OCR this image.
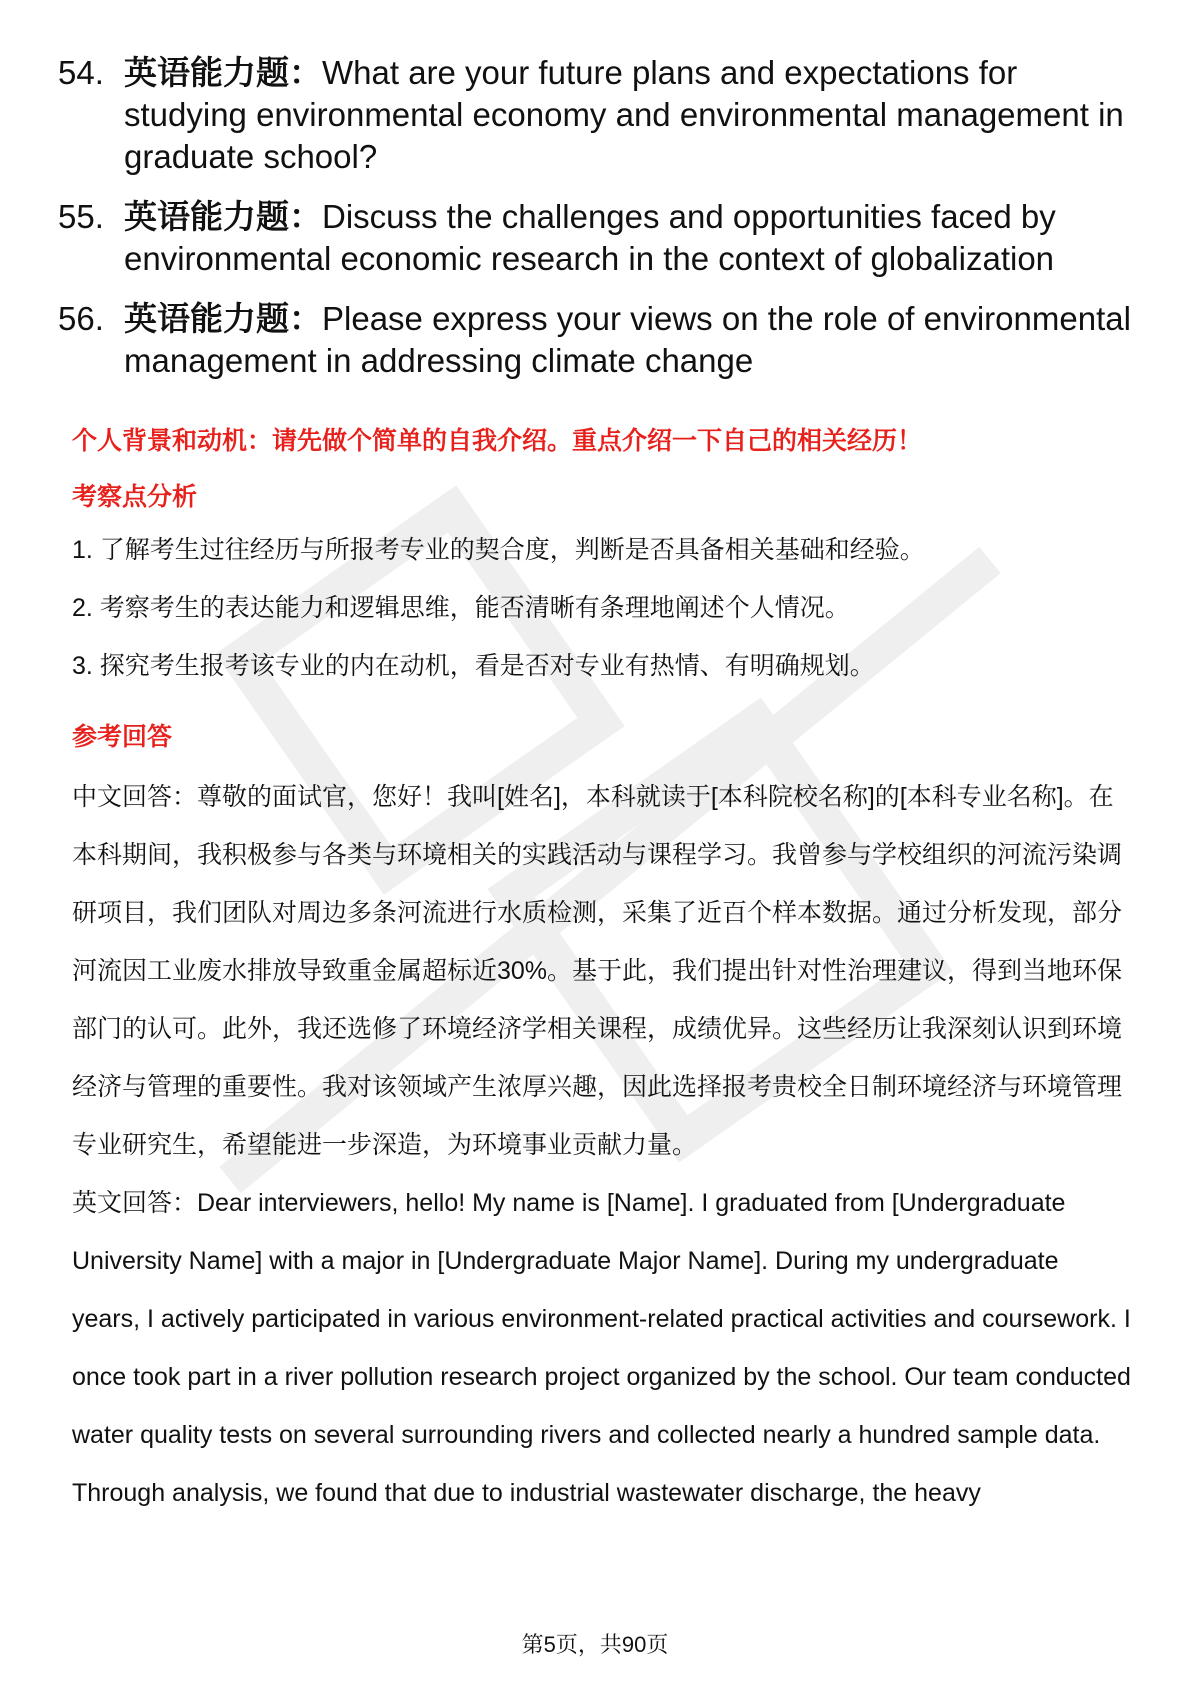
54. 英语能力题：What are your future plans and expectations for studying environmental economy and environmental management in graduate school?
55. 英语能力题：Discuss the challenges and opportunities faced by environmental economic research in the context of globalization
56. 英语能力题：Please express your views on the role of environmental management in addressing climate change
个人背景和动机：请先做个简单的自我介绍。重点介绍一下自己的相关经历！
考察点分析
1. 了解考生过往经历与所报考专业的契合度，判断是否具备相关基础和经验。
2. 考察考生的表达能力和逻辑思维，能否清晰有条理地阐述个人情况。
3. 探究考生报考该专业的内在动机，看是否对专业有热情、有明确规划。
参考回答

中文回答：尊敬的面试官，您好！我叫[姓名]，本科就读于[本科院校名称]的[本科专业名称]。在本科期间，我积极参与各类与环境相关的实践活动与课程学习。我曾参与学校组织的河流污染调研项目，我们团队对周边多条河流进行水质检测，采集了近百个样本数据。通过分析发现，部分河流因工业废水排放导致重金属超标近30%。基于此，我们提出针对性治理建议，得到当地环保部门的认可。此外，我还选修了环境经济学相关课程，成绩优异。这些经历让我深刻认识到环境经济与管理的重要性。我对该领域产生浓厚兴趣，因此选择报考贵校全日制环境经济与环境管理专业研究生，希望能进一步深造，为环境事业贡献力量。

英文回答：Dear interviewers, hello! My name is [Name]. I graduated from [Undergraduate University Name] with a major in [Undergraduate Major Name]. During my undergraduate years, I actively participated in various environment-related practical activities and coursework. I once took part in a river pollution research project organized by the school. Our team conducted water quality tests on several surrounding rivers and collected nearly a hundred sample data. Through analysis, we found that due to industrial wastewater discharge, the heavy

第5页，共90页
